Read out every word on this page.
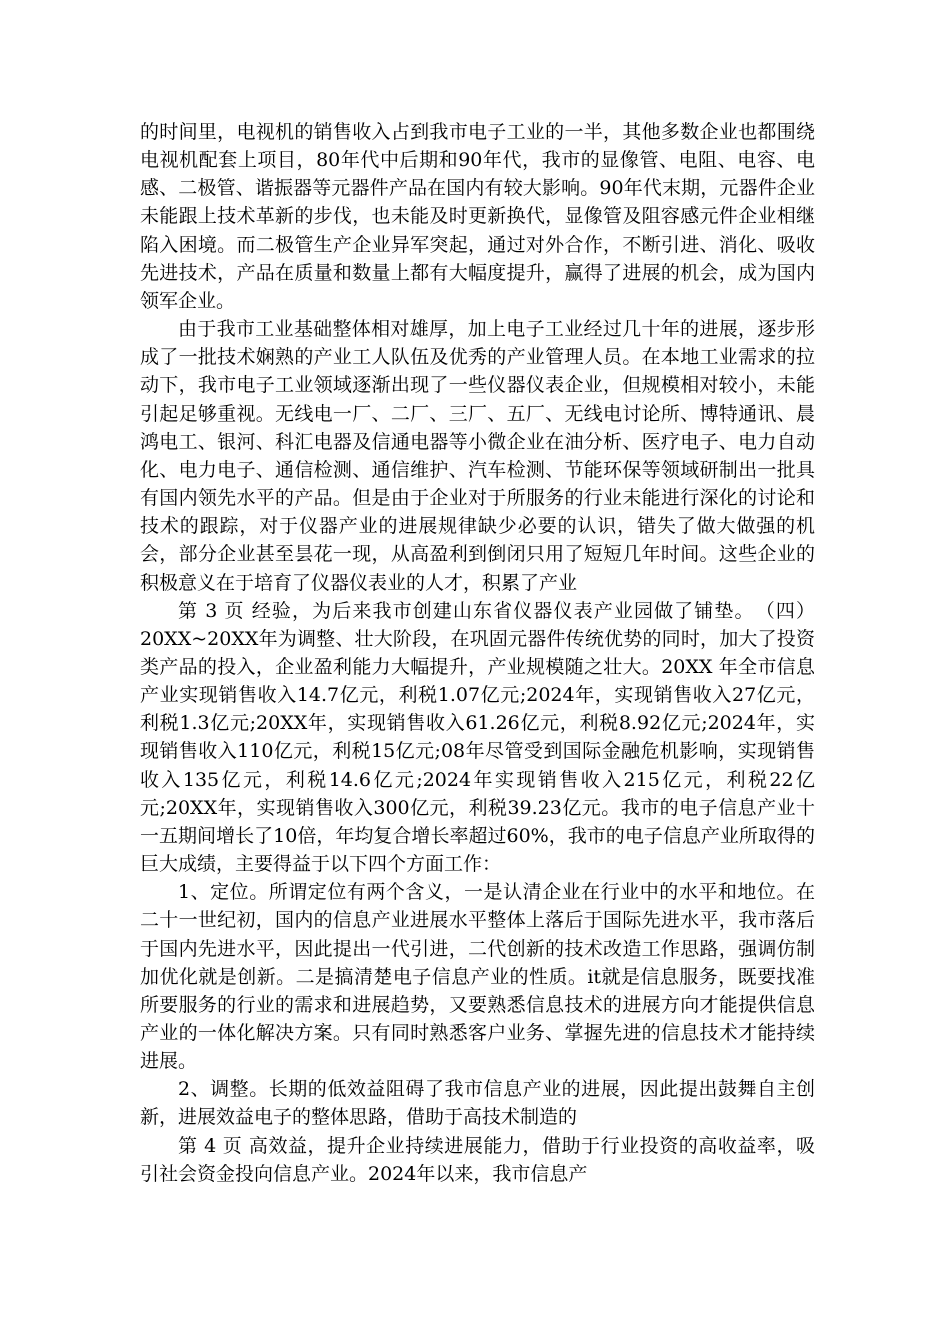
的时间里，电视机的销售收入占到我市电子工业的一半，其他多数企业也都围绕电视机配套上项目，80年代中后期和90年代，我市的显像管、电阻、电容、电感、二极管、谐振器等元器件产品在国内有较大影响。90年代末期，元器件企业未能跟上技术革新的步伐，也未能及时更新换代，显像管及阻容感元件企业相继陷入困境。而二极管生产企业异军突起，通过对外合作，不断引进、消化、吸收先进技术，产品在质量和数量上都有大幅度提升，赢得了进展的机会，成为国内领军企业。

由于我市工业基础整体相对雄厚，加上电子工业经过几十年的进展，逐步形成了一批技术娴熟的产业工人队伍及优秀的产业管理人员。在本地工业需求的拉动下，我市电子工业领域逐渐出现了一些仪器仪表企业，但规模相对较小，未能引起足够重视。无线电一厂、二厂、三厂、五厂、无线电讨论所、博特通讯、晨鸿电工、银河、科汇电器及信通电器等小微企业在油分析、医疗电子、电力自动化、电力电子、通信检测、通信维护、汽车检测、节能环保等领域研制出一批具有国内领先水平的产品。但是由于企业对于所服务的行业未能进行深化的讨论和技术的跟踪，对于仪器产业的进展规律缺少必要的认识，错失了做大做强的机会，部分企业甚至昙花一现，从高盈利到倒闭只用了短短几年时间。这些企业的积极意义在于培育了仪器仪表业的人才，积累了产业

第 3 页 经验，为后来我市创建山东省仪器仪表产业园做了铺垫。　（四）20XX~20XX年为调整、壮大阶段，在巩固元器件传统优势的同时，加大了投资类产品的投入，企业盈利能力大幅提升，产业规模随之壮大。20XX 年全市信息产业实现销售收入14.7亿元，利税1.07亿元;2024年，实现销售收入27亿元，利税1.3亿元;20XX年，实现销售收入61.26亿元，利税8.92亿元;2024年，实现销售收入110亿元，利税15亿元;08年尽管受到国际金融危机影响，实现销售收入135亿元，利税14.6亿元;2024年实现销售收入215亿元，利税22亿元;20XX年，实现销售收入300亿元，利税39.23亿元。我市的电子信息产业十一五期间增长了10倍，年均复合增长率超过60%，我市的电子信息产业所取得的巨大成绩，主要得益于以下四个方面工作：

1、定位。所谓定位有两个含义，一是认清企业在行业中的水平和地位。在二十一世纪初，国内的信息产业进展水平整体上落后于国际先进水平，我市落后于国内先进水平，因此提出一代引进，二代创新的技术改造工作思路，强调仿制加优化就是创新。二是搞清楚电子信息产业的性质。it就是信息服务，既要找准所要服务的行业的需求和进展趋势，又要熟悉信息技术的进展方向才能提供信息产业的一体化解决方案。只有同时熟悉客户业务、掌握先进的信息技术才能持续进展。

2、调整。长期的低效益阻碍了我市信息产业的进展，因此提出鼓舞自主创新，进展效益电子的整体思路，借助于高技术制造的

第 4 页 高效益，提升企业持续进展能力，借助于行业投资的高收益率，吸引社会资金投向信息产业。2024年以来，我市信息产
